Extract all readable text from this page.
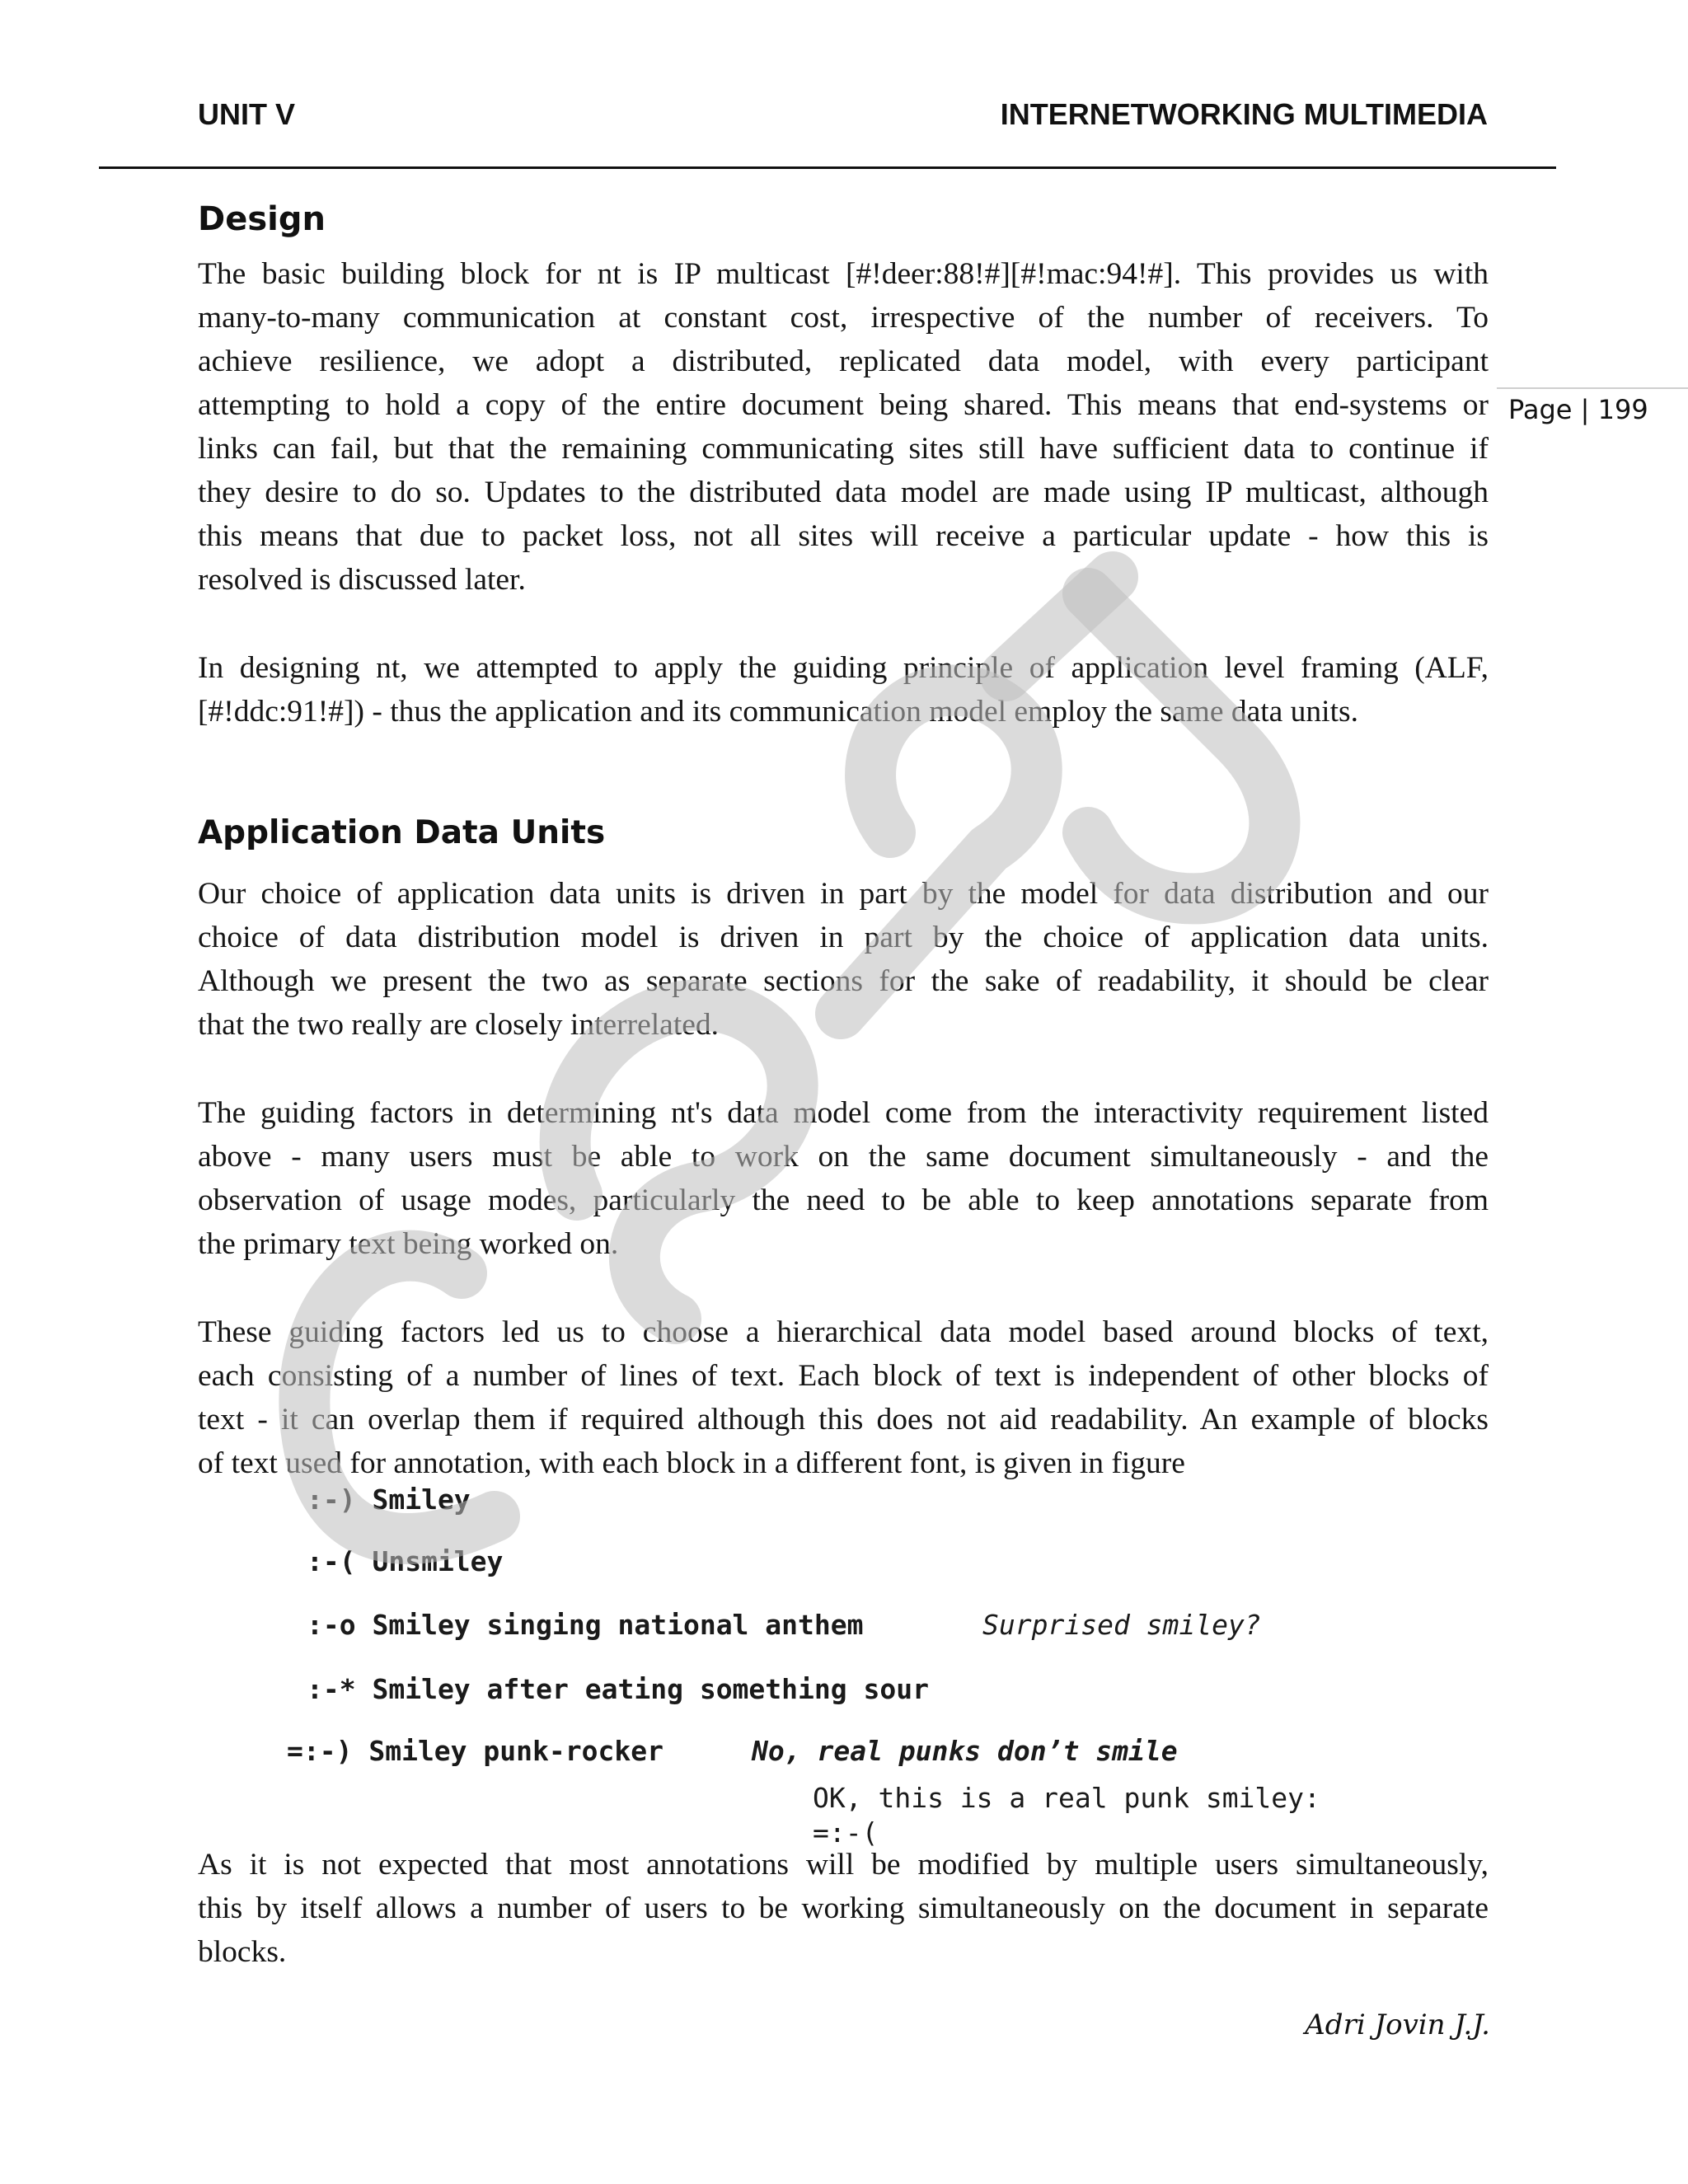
UNIT V	INTERNETWORKING MULTIMEDIA
Page | 199
Design
The basic building block for nt is IP multicast [#!deer:88!#][#!mac:94!#]. This provides us with
many-to-many communication at constant cost, irrespective of the number of receivers. To
achieve resilience, we adopt a distributed, replicated data model, with every participant
attempting to hold a copy of the entire document being shared. This means that end-systems or
links can fail, but that the remaining communicating sites still have sufficient data to continue if
they desire to do so. Updates to the distributed data model are made using IP multicast, although
this means that due to packet loss, not all sites will receive a particular update - how this is
resolved is discussed later.
In designing nt, we attempted to apply the guiding principle of application level framing (ALF,
[#!ddc:91!#]) - thus the application and its communication model employ the same data units.
Application Data Units
Our choice of application data units is driven in part by the model for data distribution and our
choice of data distribution model is driven in part by the choice of application data units.
Although we present the two as separate sections for the sake of readability, it should be clear
that the two really are closely interrelated.
The guiding factors in determining nt's data model come from the interactivity requirement listed
above - many users must be able to work on the same document simultaneously - and the
observation of usage modes, particularly the need to be able to keep annotations separate from
the primary text being worked on.
These guiding factors led us to choose a hierarchical data model based around blocks of text,
each consisting of a number of lines of text. Each block of text is independent of other blocks of
text - it can overlap them if required although this does not aid readability. An example of blocks
of text used for annotation, with each block in a different font, is given in figure
:-) Smiley
:-( Unsmiley
:-o Smiley singing national anthem	Surprised smiley?
:-* Smiley after eating something sour
=:-) Smiley punk-rocker	No, real punks don’t smile
OK, this is a real punk smiley:
=:-(
As it is not expected that most annotations will be modified by multiple users simultaneously,
this by itself allows a number of users to be working simultaneously on the document in separate
blocks.
Adri Jovin J.J.
